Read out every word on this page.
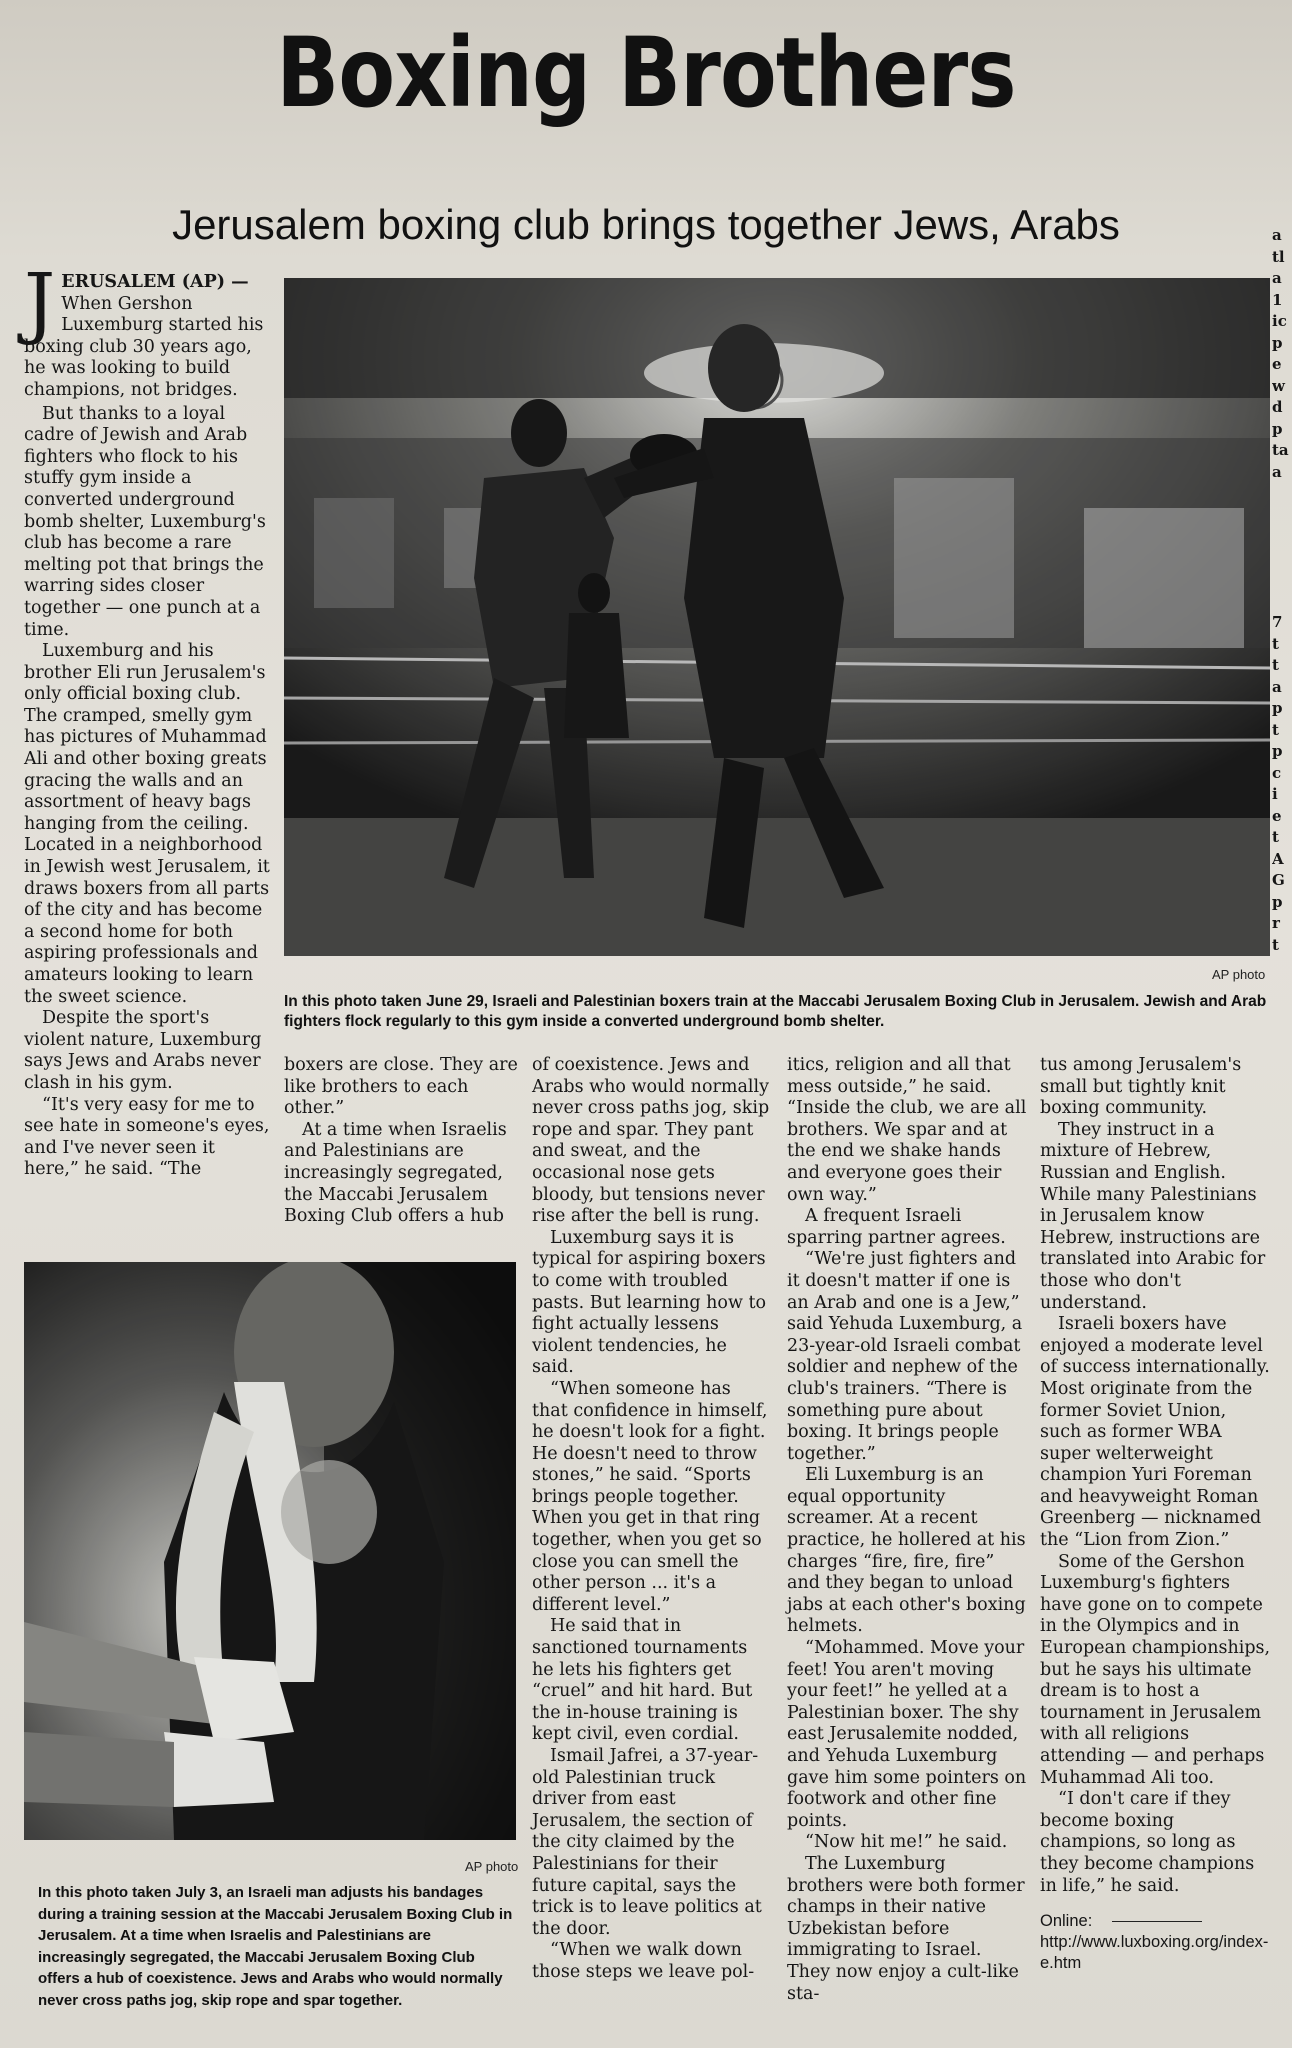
Boxing Brothers
Jerusalem boxing club brings together Jews, Arabs
J ERUSALEM (AP) —

When Gershon Luxemburg started his boxing club 30 years ago, he was looking to build champions, not bridges.

But thanks to a loyal cadre of Jewish and Arab fighters who flock to his stuffy gym inside a converted underground bomb shelter, Luxemburg's club has become a rare melting pot that brings the warring sides closer together — one punch at a time.

Luxemburg and his brother Eli run Jerusalem's only official boxing club. The cramped, smelly gym has pictures of Muhammad Ali and other boxing greats gracing the walls and an assortment of heavy bags hanging from the ceiling. Located in a neighborhood in Jewish west Jerusalem, it draws boxers from all parts of the city and has become a second home for both aspiring professionals and amateurs looking to learn the sweet science.

Despite the sport's violent nature, Luxemburg says Jews and Arabs never clash in his gym.

“It's very easy for me to see hate in someone's eyes, and I've never seen it here,” he said. “The

AP photo
In this photo taken June 29, Israeli and Palestinian boxers train at the Maccabi Jerusalem Boxing Club in Jerusalem. Jewish and Arab fighters flock regularly to this gym inside a converted underground bomb shelter.

boxers are close. They are like brothers to each other.”

At a time when Israelis and Palestinians are increasingly segregated, the Maccabi Jerusalem Boxing Club offers a hub

of coexistence. Jews and Arabs who would normally never cross paths jog, skip rope and spar. They pant and sweat, and the occasional nose gets bloody, but tensions never rise after the bell is rung.

Luxemburg says it is typical for aspiring boxers to come with troubled pasts. But learning how to fight actually lessens violent tendencies, he said.

“When someone has that confidence in himself, he doesn't look for a fight. He doesn't need to throw stones,” he said. “Sports brings people together. When you get in that ring together, when you get so close you can smell the other person ... it's a different level.”

He said that in sanctioned tournaments he lets his fighters get “cruel” and hit hard. But the in-house training is kept civil, even cordial.

Ismail Jafrei, a 37-year-old Palestinian truck driver from east Jerusalem, the section of the city claimed by the Palestinians for their future capital, says the trick is to leave politics at the door.

“When we walk down those steps we leave pol-

itics, religion and all that mess outside,” he said. “Inside the club, we are all brothers. We spar and at the end we shake hands and everyone goes their own way.”

A frequent Israeli sparring partner agrees.

“We're just fighters and it doesn't matter if one is an Arab and one is a Jew,” said Yehuda Luxemburg, a 23-year-old Israeli combat soldier and nephew of the club's trainers. “There is something pure about boxing. It brings people together.”

Eli Luxemburg is an equal opportunity screamer. At a recent practice, he hollered at his charges “fire, fire, fire” and they began to unload jabs at each other's boxing helmets.

“Mohammed. Move your feet! You aren't moving your feet!” he yelled at a Palestinian boxer. The shy east Jerusalemite nodded, and Yehuda Luxemburg gave him some pointers on footwork and other fine points.

“Now hit me!” he said.

The Luxemburg brothers were both former champs in their native Uzbekistan before immigrating to Israel. They now enjoy a cult-like sta-

tus among Jerusalem's small but tightly knit boxing community.

They instruct in a mixture of Hebrew, Russian and English. While many Palestinians in Jerusalem know Hebrew, instructions are translated into Arabic for those who don't understand.

Israeli boxers have enjoyed a moderate level of success internationally. Most originate from the former Soviet Union, such as former WBA super welterweight champion Yuri Foreman and heavyweight Roman Greenberg — nicknamed the “Lion from Zion.”

Some of the Gershon Luxemburg's fighters have gone on to compete in the Olympics and in European championships, but he says his ultimate dream is to host a tournament in Jerusalem with all religions attending — and perhaps Muhammad Ali too.

“I don't care if they become boxing champions, so long as they become champions in life,” he said.

Online:
http://www.luxboxing.org/index-e.htm
AP photo
In this photo taken July 3, an Israeli man adjusts his bandages during a training session at the Maccabi Jerusalem Boxing Club in Jerusalem. At a time when Israelis and Palestinians are increasingly segregated, the Maccabi Jerusalem Boxing Club offers a hub of coexistence. Jews and Arabs who would normally never cross paths jog, skip rope and spar together.
a
tl
a
1
ic
p
e
w
d
p
ta
a
7
t
t
a
p
t
p
c
i
e
t
A
G
p
r
t
